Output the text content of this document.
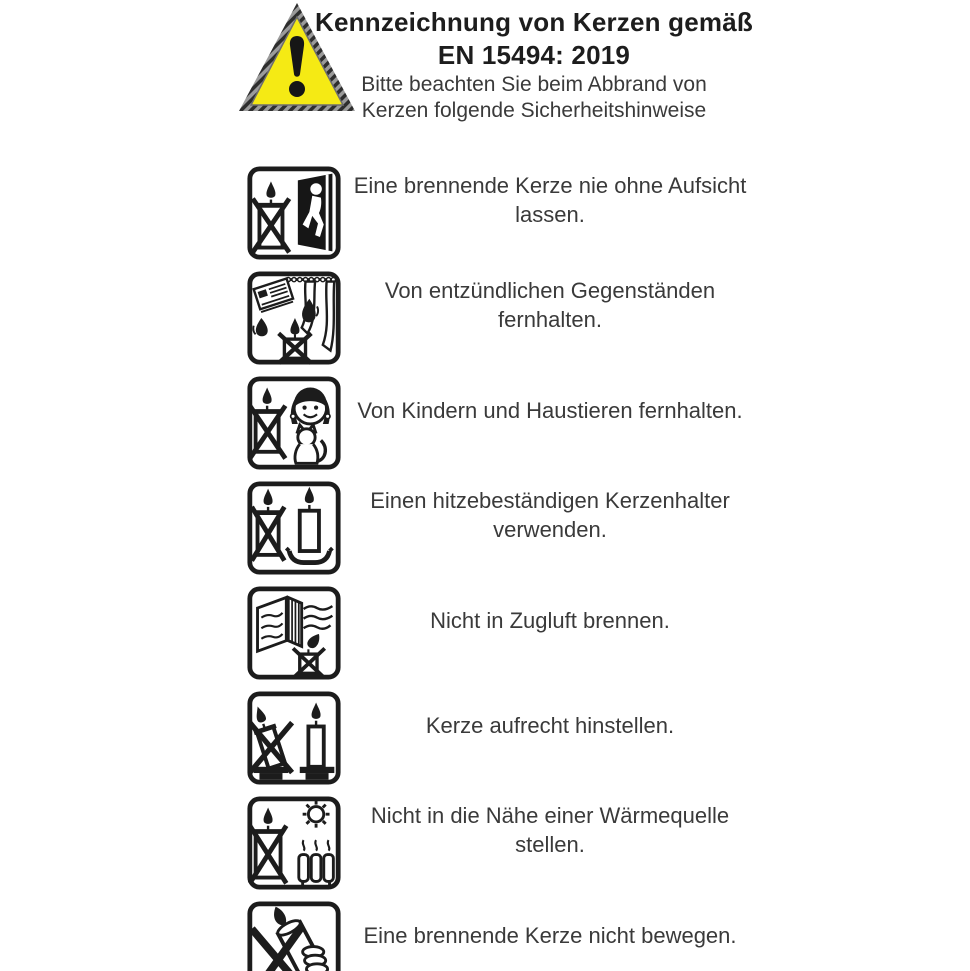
Kennzeichnung von Kerzen gemäß
EN 15494: 2019
Bitte beachten Sie beim Abbrand von
Kerzen folgende Sicherheitshinweise
Eine brennende Kerze nie ohne Aufsicht lassen.
Von entzündlichen Gegenständen fernhalten.
Von Kindern und Haustieren fernhalten.
Einen hitzebeständigen Kerzenhalter verwenden.
Nicht in Zugluft brennen.
Kerze aufrecht hinstellen.
Nicht in die Nähe einer Wärmequelle stellen.
Eine brennende Kerze nicht bewegen.
